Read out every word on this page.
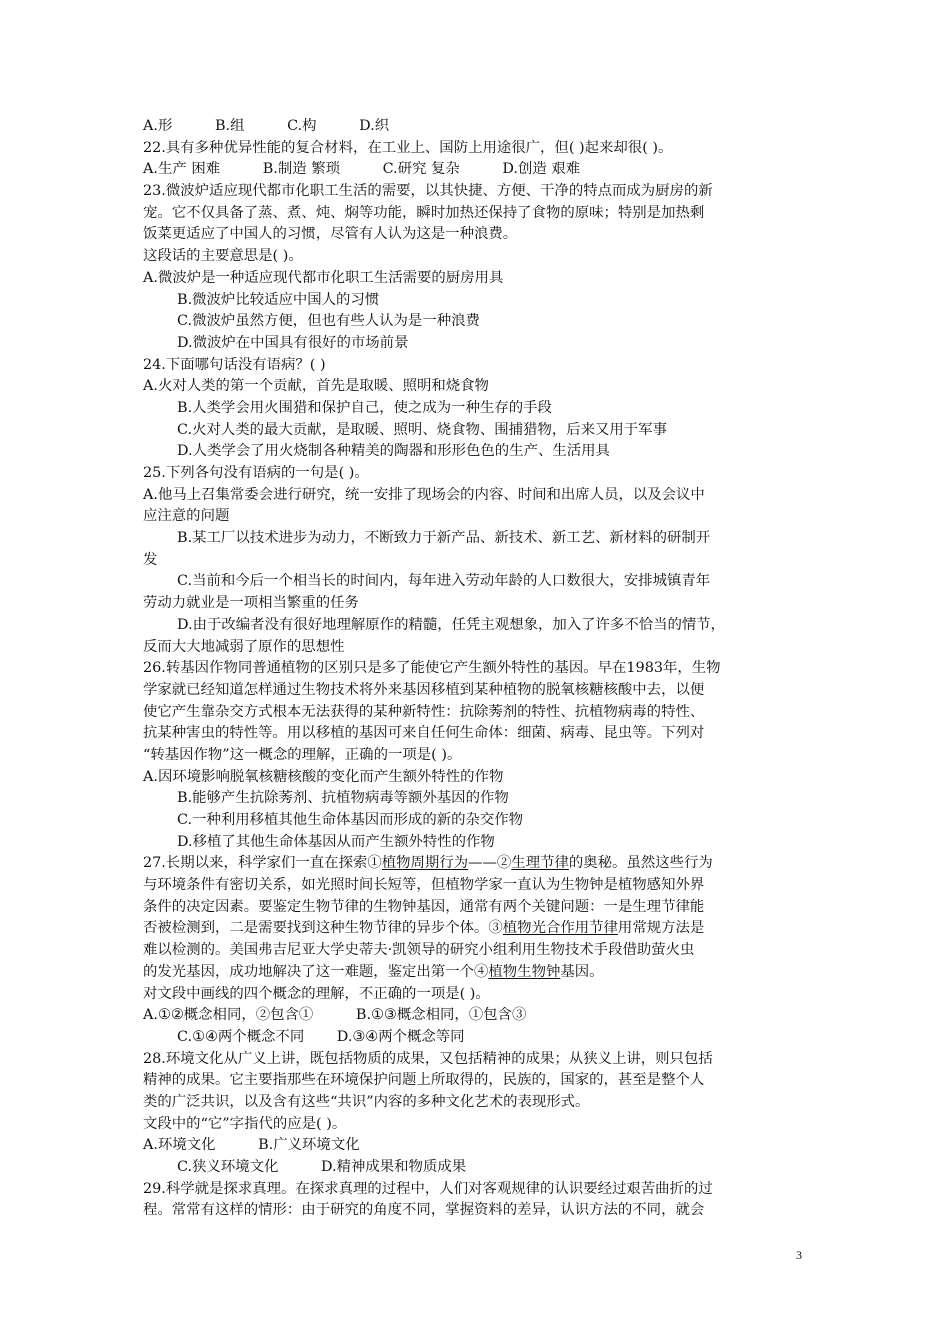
A.形	B.组	C.构	D.织
22.具有多种优异性能的复合材料，在工业上、国防上用途很广，但( )起来却很( )。
A.生产 困难	B.制造 繁琐	C.研究 复杂	D.创造 艰难
23.微波炉适应现代都市化职工生活的需要，以其快捷、方便、干净的特点而成为厨房的新
宠。它不仅具备了蒸、煮、炖、焖等功能，瞬时加热还保持了食物的原味；特别是加热剩
饭菜更适应了中国人的习惯，尽管有人认为这是一种浪费。
这段话的主要意思是( )。
A.微波炉是一种适应现代都市化职工生活需要的厨房用具
B.微波炉比较适应中国人的习惯
C.微波炉虽然方便，但也有些人认为是一种浪费
D.微波炉在中国具有很好的市场前景
24.下面哪句话没有语病？( )
A.火对人类的第一个贡献，首先是取暖、照明和烧食物
B.人类学会用火围猎和保护自己，使之成为一种生存的手段
C.火对人类的最大贡献，是取暖、照明、烧食物、围捕猎物，后来又用于军事
D.人类学会了用火烧制各种精美的陶器和形形色色的生产、生活用具
25.下列各句没有语病的一句是( )。
A.他马上召集常委会进行研究，统一安排了现场会的内容、时间和出席人员，以及会议中
应注意的问题
B.某工厂以技术进步为动力，不断致力于新产品、新技术、新工艺、新材料的研制开
发
C.当前和今后一个相当长的时间内，每年进入劳动年龄的人口数很大，安排城镇青年
劳动力就业是一项相当繁重的任务
D.由于改编者没有很好地理解原作的精髓，任凭主观想象，加入了许多不恰当的情节，
反而大大地减弱了原作的思想性
26.转基因作物同普通植物的区别只是多了能使它产生额外特性的基因。早在1983年，生物
学家就已经知道怎样通过生物技术将外来基因移植到某种植物的脱氧核糖核酸中去，以便
使它产生靠杂交方式根本无法获得的某种新特性：抗除莠剂的特性、抗植物病毒的特性、
抗某种害虫的特性等。用以移植的基因可来自任何生命体：细菌、病毒、昆虫等。下列对
“转基因作物”这一概念的理解，正确的一项是( )。
A.因环境影响脱氧核糖核酸的变化而产生额外特性的作物
B.能够产生抗除莠剂、抗植物病毒等额外基因的作物
C.一种利用移植其他生命体基因而形成的新的杂交作物
D.移植了其他生命体基因从而产生额外特性的作物
27.长期以来，科学家们一直在探索①植物周期行为——②生理节律的奥秘。虽然这些行为
与环境条件有密切关系，如光照时间长短等，但植物学家一直认为生物钟是植物感知外界
条件的决定因素。要鉴定生物节律的生物钟基因，通常有两个关键问题：一是生理节律能
否被检测到，二是需要找到这种生物节律的异步个体。③植物光合作用节律用常规方法是
难以检测的。美国弗吉尼亚大学史蒂夫·凯领导的研究小组利用生物技术手段借助萤火虫
的发光基因，成功地解决了这一难题，鉴定出第一个④植物生物钟基因。
对文段中画线的四个概念的理解，不正确的一项是( )。
A.①②概念相同，②包含①	B.①③概念相同，①包含③
C.①④两个概念不同 D.③④两个概念等同
28.环境文化从广义上讲，既包括物质的成果，又包括精神的成果；从狭义上讲，则只包括
精神的成果。它主要指那些在环境保护问题上所取得的，民族的，国家的，甚至是整个人
类的广泛共识，以及含有这些“共识”内容的多种文化艺术的表现形式。
文段中的“它”字指代的应是( )。
A.环境文化	B.广义环境文化
C.狭义环境文化	D.精神成果和物质成果
29.科学就是探求真理。在探求真理的过程中，人们对客观规律的认识要经过艰苦曲折的过
程。常常有这样的情形：由于研究的角度不同，掌握资料的差异，认识方法的不同，就会
3
